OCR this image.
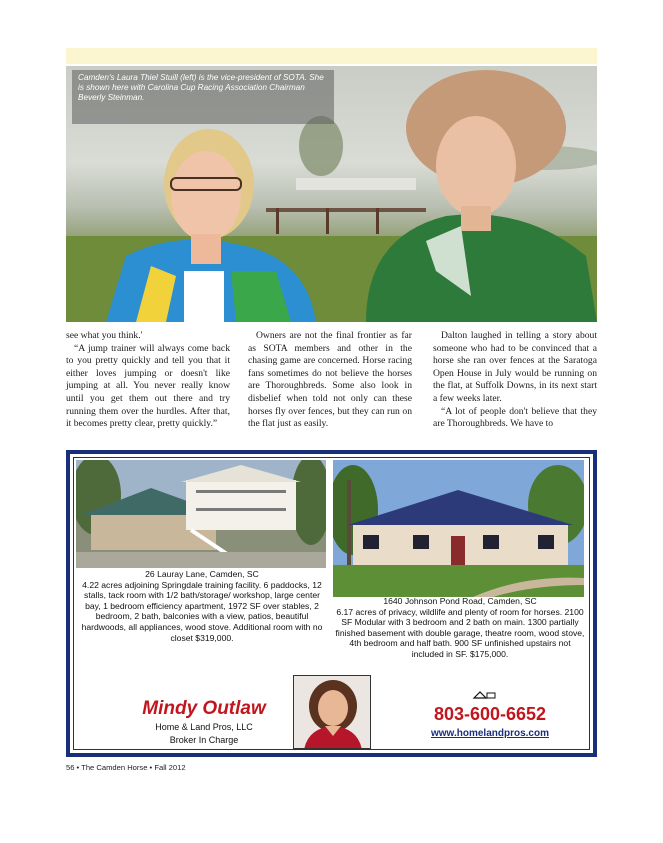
Camden's Laura Thiel Stuill (left) is the vice-president of SOTA. She is shown here with Carolina Cup Racing Association Chairman Beverly Steinman.

see what you think.'

“A jump trainer will always come back to you pretty quickly and tell you that it either loves jumping or doesn't like jumping at all. You never really know until you get them out there and try running them over the hurdles. After that, it becomes pretty clear, pretty quickly.”

Owners are not the final frontier as far as SOTA members and other in the chasing game are concerned. Horse racing fans sometimes do not believe the horses are Thoroughbreds. Some also look in disbelief when told not only can these horses fly over fences, but they can run on the flat just as easily.

Dalton laughed in telling a story about someone who had to be convinced that a horse she ran over fences at the Saratoga Open House in July would be running on the flat, at Suffolk Downs, in its next start a few weeks later.

“A lot of people don't believe that they are Thoroughbreds. We have to

26 Lauray Lane, Camden, SC
4.22 acres adjoining Springdale training facility. 6 paddocks, 12 stalls, tack room with 1/2 bath/storage/ workshop, large center bay, 1 bedroom efficiency apartment, 1972 SF over stables, 2 bedroom, 2 bath, balconies with a view, patios, beautiful hardwoods, all appliances, wood stove. Additional room with no closet $319,000.
1640 Johnson Pond Road, Camden, SC
6.17 acres of privacy, wildlife and plenty of room for horses. 2100 SF Modular with 3 bedroom and 2 bath on main. 1300 partially finished basement with double garage, theatre room, wood stove, 4th bedroom and half bath. 900 SF unfinished upstairs not included in SF. $175,000.
Mindy Outlaw
Home & Land Pros, LLC
Broker In Charge
803-600-6652
www.homelandpros.com
56 • The Camden Horse • Fall 2012
